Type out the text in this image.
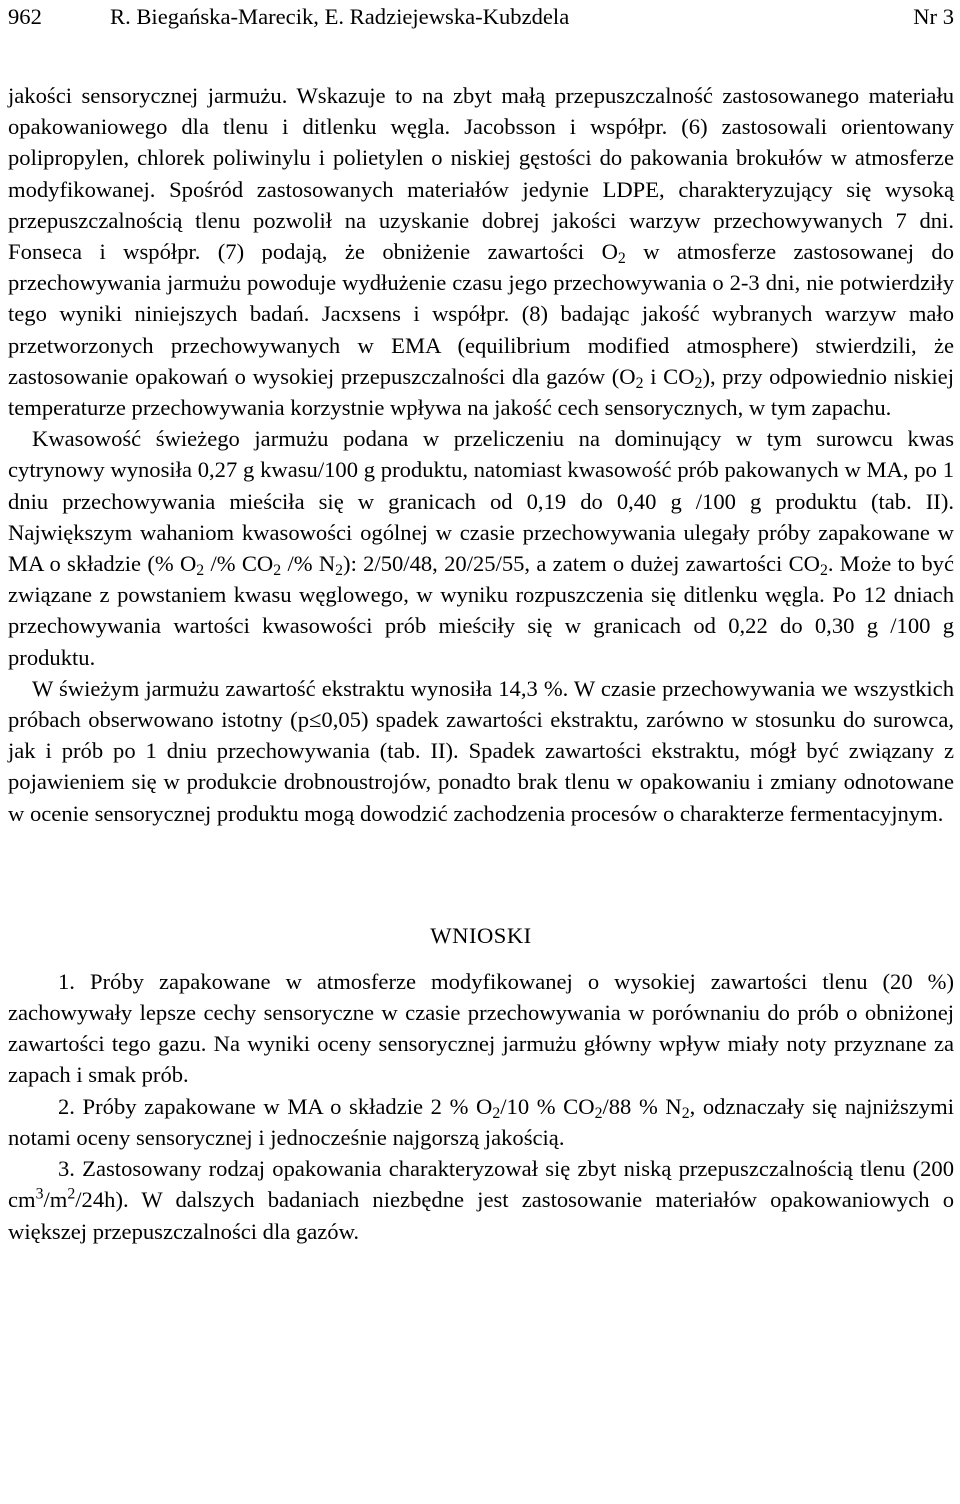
962	R. Biegańska-Marecik, E. Radziejewska-Kubzdela	Nr 3

jakości sensorycznej jarmużu. Wskazuje to na zbyt małą przepuszczalność zastosowanego materiału opakowaniowego dla tlenu i ditlenku węgla. Jacobsson i współpr. (6) zastosowali orientowany polipropylen, chlorek poliwinylu i polietylen o niskiej gęstości do pakowania brokułów w atmosferze modyfikowanej. Spośród zastosowanych materiałów jedynie LDPE, charakteryzujący się wysoką przepuszczalnością tlenu pozwolił na uzyskanie dobrej jakości warzyw przechowywanych 7 dni. Fonseca i współpr. (7) podają, że obniżenie zawartości $O_2$ w atmosferze zastosowanej do przechowywania jarmużu powoduje wydłużenie czasu jego przechowywania o 2-3 dni, nie potwierdziły tego wyniki niniejszych badań. Jacxsens i współpr. (8) badając jakość wybranych warzyw mało przetworzonych przechowywanych w EMA (equilibrium modified atmosphere) stwierdzili, że zastosowanie opakowań o wysokiej przepuszczalności dla gazów ($O_2$ i $CO_2$), przy odpowiednio niskiej temperaturze przechowywania korzystnie wpływa na jakość cech sensorycznych, w tym zapachu.

Kwasowość świeżego jarmużu podana w przeliczeniu na dominujący w tym surowcu kwas cytrynowy wynosiła 0,27 g kwasu/100 g produktu, natomiast kwasowość prób pakowanych w MA, po 1 dniu przechowywania mieściła się w granicach od 0,19 do 0,40 g /100 g produktu (tab. II). Największym wahaniom kwasowości ogólnej w czasie przechowywania ulegały próby zapakowane w MA o składzie (% $O_2$ /% $CO_2$ /% $N_2$): 2/50/48, 20/25/55, a zatem o dużej zawartości $CO_2$. Może to być związane z powstaniem kwasu węglowego, w wyniku rozpuszczenia się ditlenku węgla. Po 12 dniach przechowywania wartości kwasowości prób mieściły się w granicach od 0,22 do 0,30 g /100 g produktu.

W świeżym jarmużu zawartość ekstraktu wynosiła 14,3 %. W czasie przechowywania we wszystkich próbach obserwowano istotny (p≤0,05) spadek zawartości ekstraktu, zarówno w stosunku do surowca, jak i prób po 1 dniu przechowywania (tab. II). Spadek zawartości ekstraktu, mógł być związany z pojawieniem się w produkcie drobnoustrojów, ponadto brak tlenu w opakowaniu i zmiany odnotowane w ocenie sensorycznej produktu mogą dowodzić zachodzenia procesów o charakterze fermentacyjnym.

WNIOSKI

1. Próby zapakowane w atmosferze modyfikowanej o wysokiej zawartości tlenu (20 %) zachowywały lepsze cechy sensoryczne w czasie przechowywania w porównaniu do prób o obniżonej zawartości tego gazu. Na wyniki oceny sensorycznej jarmużu główny wpływ miały noty przyznane za zapach i smak prób.

2. Próby zapakowane w MA o składzie 2 % $O_2/10$ % $CO_2/88$ % $N_2$, odznaczały się najniższymi notami oceny sensorycznej i jednocześnie najgorszą jakością.

3. Zastosowany rodzaj opakowania charakteryzował się zbyt niską przepuszczalnością tlenu (200 $cm^3/m^2/24h$). W dalszych badaniach niezbędne jest zastosowanie materiałów opakowaniowych o większej przepuszczalności dla gazów.
